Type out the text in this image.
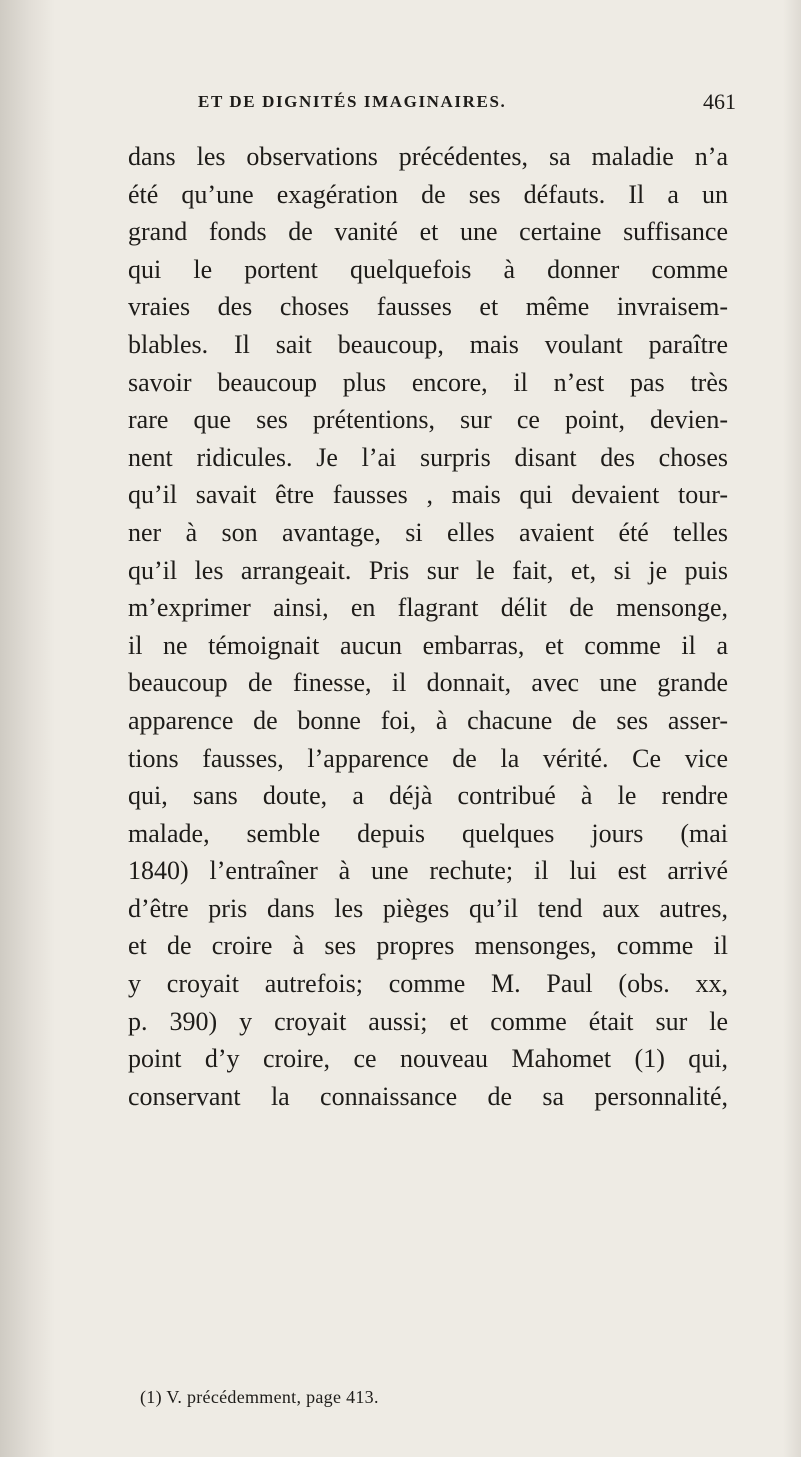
ET DE DIGNITÉS IMAGINAIRES.	461
dans les observations précédentes, sa maladie n’a
été qu’une exagération de ses défauts. Il a un
grand fonds de vanité et une certaine suffisance
qui le portent quelquefois à donner comme
vraies des choses fausses et même invraisem-
blables. Il sait beaucoup, mais voulant paraître
savoir beaucoup plus encore, il n’est pas très
rare que ses prétentions, sur ce point, devien-
nent ridicules. Je l’ai surpris disant des choses
qu’il savait être fausses , mais qui devaient tour-
ner à son avantage, si elles avaient été telles
qu’il les arrangeait. Pris sur le fait, et, si je puis
m’exprimer ainsi, en flagrant délit de mensonge,
il ne témoignait aucun embarras, et comme il a
beaucoup de finesse, il donnait, avec une grande
apparence de bonne foi, à chacune de ses asser-
tions fausses, l’apparence de la vérité. Ce vice
qui, sans doute, a déjà contribué à le rendre
malade, semble depuis quelques jours (mai
1840) l’entraîner à une rechute; il lui est arrivé
d’être pris dans les pièges qu’il tend aux autres,
et de croire à ses propres mensonges, comme il
y croyait autrefois; comme M. Paul (obs. xx,
p. 390) y croyait aussi; et comme était sur le
point d’y croire, ce nouveau Mahomet (1) qui,
conservant la connaissance de sa personnalité,
(1) V. précédemment, page 413.
